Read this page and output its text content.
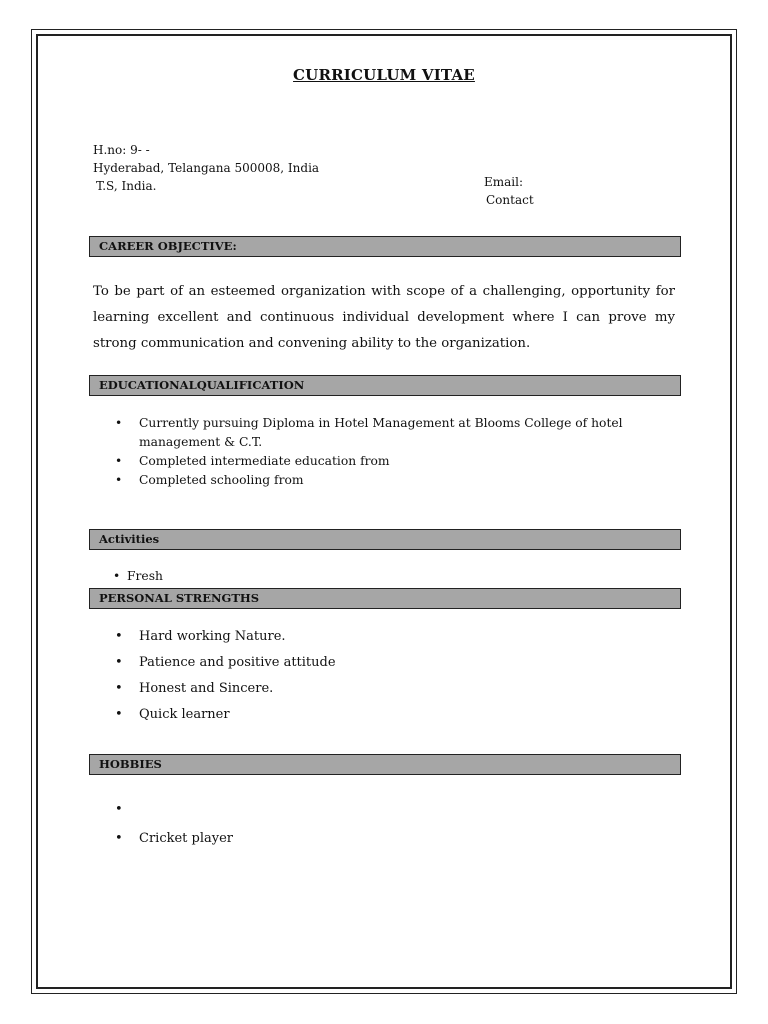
CURRICULUM VITAE
H.no: 9- -
Hyderabad, Telangana 500008, India
T.S, India.	Email:
Contact
CAREER OBJECTIVE:
To be part of an esteemed organization with scope of a challenging, opportunity for learning excellent and continuous individual development where I can prove my strong communication and convening ability to the organization.
EDUCATIONALQUALIFICATION
• Currently pursuing Diploma in Hotel Management at Blooms College of hotel management & C.T.
• Completed intermediate education from
• Completed schooling from
Activities
• Fresh
PERSONAL STRENGTHS
• Hard working Nature.
• Patience and positive attitude
• Honest and Sincere.
• Quick learner
HOBBIES
•
• Cricket player
